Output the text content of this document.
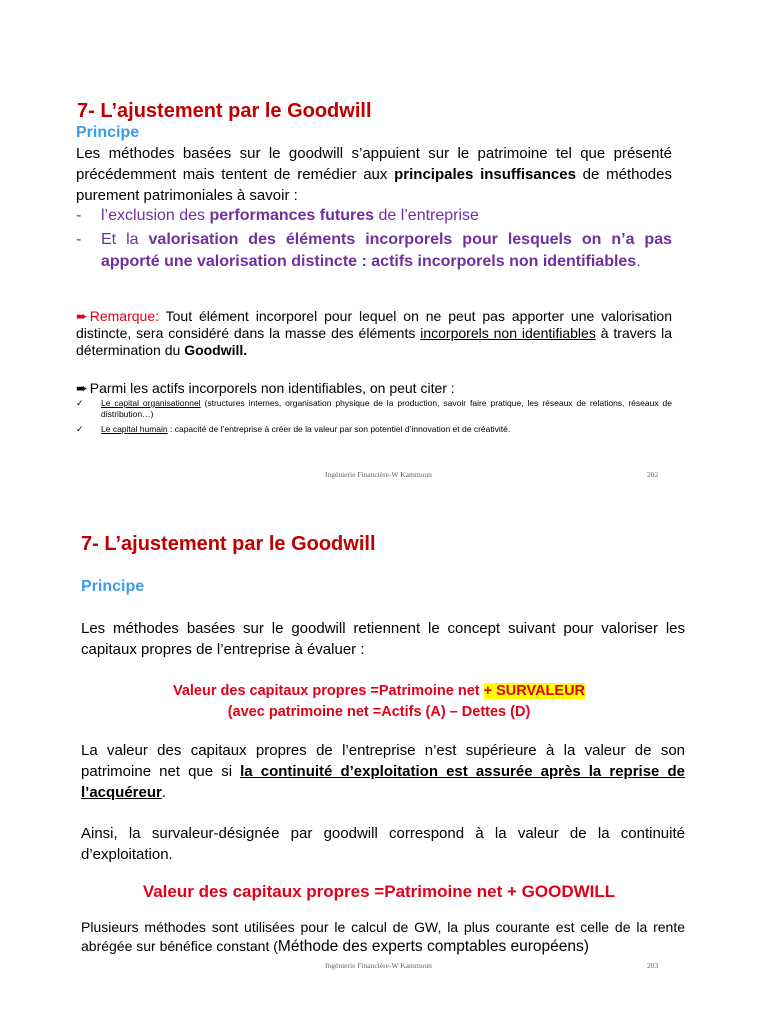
7- L’ajustement par le Goodwill
Principe
Les méthodes basées sur le goodwill s’appuient sur le patrimoine tel que présenté précédemment mais tentent de remédier aux principales insuffisances de méthodes purement patrimoniales à savoir :
-	l’exclusion des performances futures de l’entreprise
-	Et la valorisation des éléments incorporels pour lesquels on n’a pas apporté une valorisation distincte : actifs incorporels non identifiables.
➨ Remarque: Tout élément incorporel pour lequel on ne peut pas apporter une valorisation distincte, sera considéré dans la masse des éléments incorporels non identifiables à travers la détermination du Goodwill.
➨ Parmi les actifs incorporels non identifiables, on peut citer :
✓	Le capital organisationnel (structures internes, organisation physique de la production, savoir faire pratique, les réseaux de relations, réseaux de distribution…)
✓	Le capital humain : capacité de l’entreprise à créer de la valeur par son potentiel d’innovation et de créativité.
Ingénierie Financière-W Kammoun	202
7- L’ajustement par le Goodwill
Principe
Les méthodes basées sur le goodwill retiennent le concept suivant pour valoriser les capitaux propres de l’entreprise à évaluer :
Valeur des capitaux propres =Patrimoine net + SURVALEUR
(avec patrimoine net =Actifs (A) – Dettes (D)
La valeur des capitaux propres de l’entreprise n’est supérieure à la valeur de son patrimoine net que si la continuité d’exploitation est assurée après la reprise de l’acquéreur.
Ainsi, la survaleur-désignée par goodwill correspond à la valeur de la continuité d’exploitation.
Valeur des capitaux propres =Patrimoine net + GOODWILL
Plusieurs méthodes sont utilisées pour le calcul de GW, la plus courante est celle de la rente abrégée sur bénéfice constant (Méthode des experts comptables européens)
Ingénierie Financière-W Kammoun	203
